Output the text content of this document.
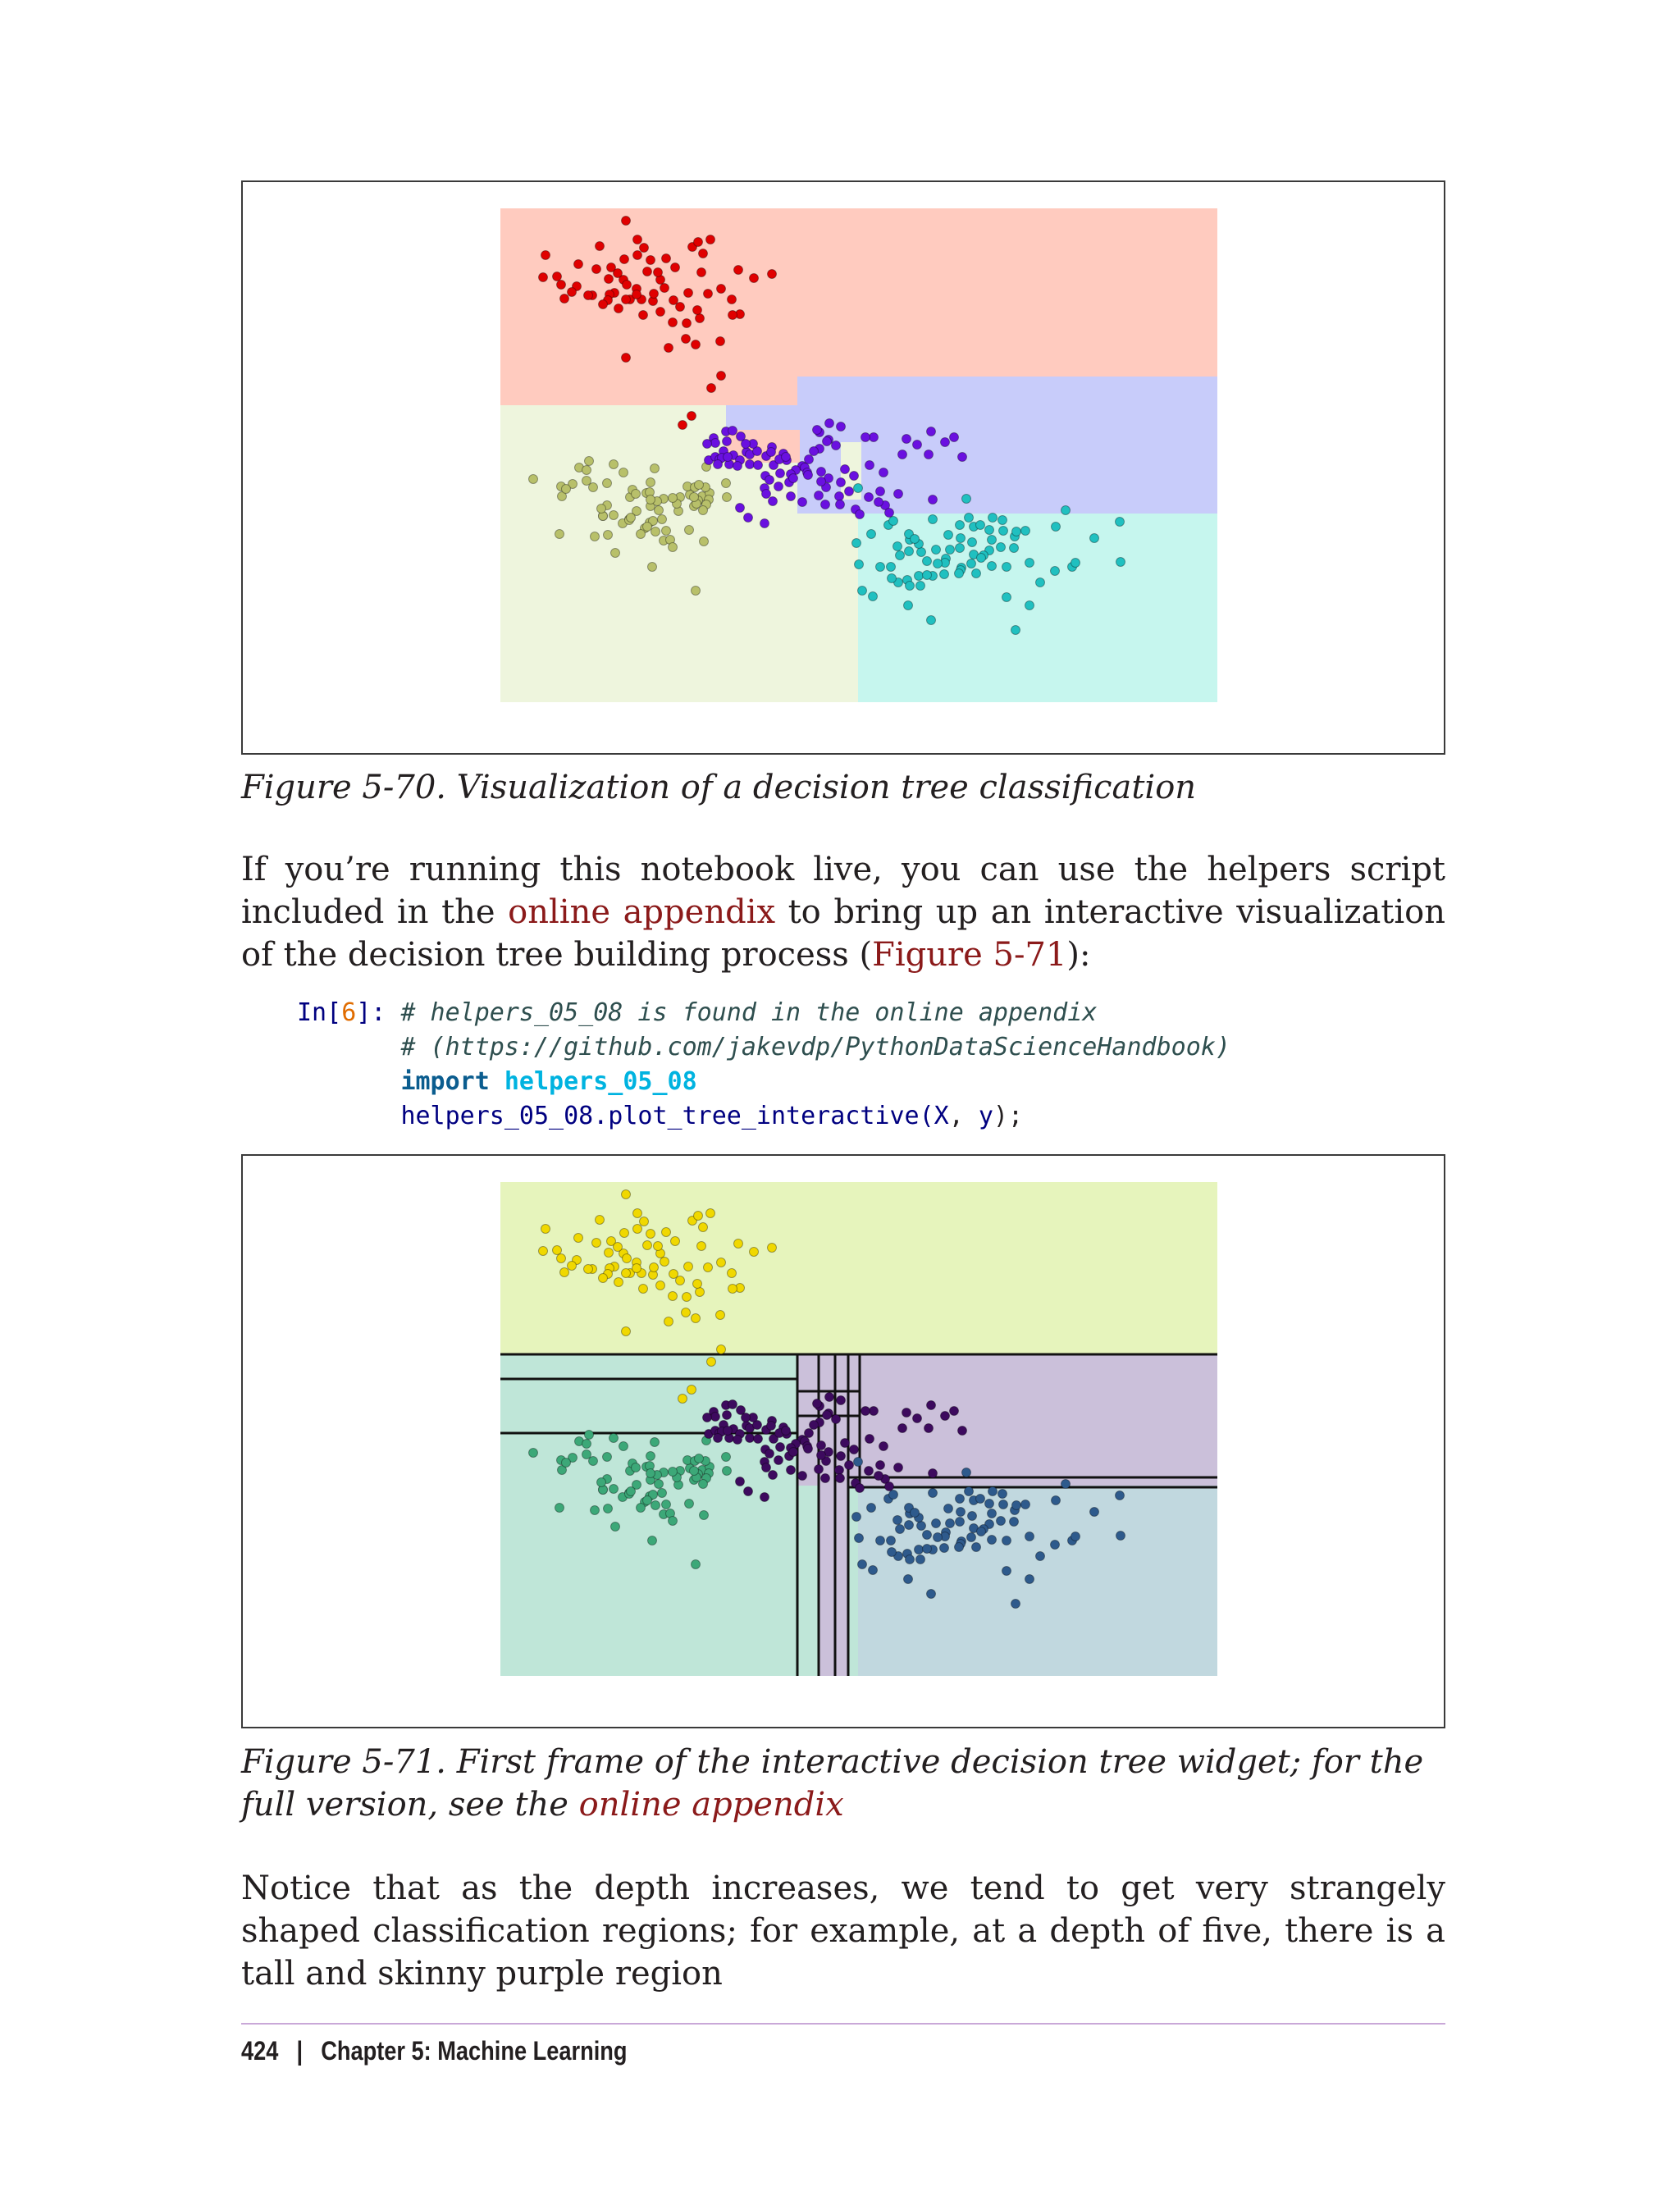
Figure 5-70. Visualization of a decision tree classification
If you’re running this notebook live, you can use the helpers script included in the online appendix to bring up an interactive visualization of the decision tree building process (Figure 5-71):
In[6]: # helpers_05_08 is found in the online appendix
# (https://github.com/jakevdp/PythonDataScienceHandbook)
import helpers_05_08
helpers_05_08.plot_tree_interactive(X, y);
Figure 5-71. First frame of the interactive decision tree widget; for the full version, see the online appendix
Notice that as the depth increases, we tend to get very strangely shaped classification regions; for example, at a depth of five, there is a tall and skinny purple region
424 | Chapter 5: Machine Learning
